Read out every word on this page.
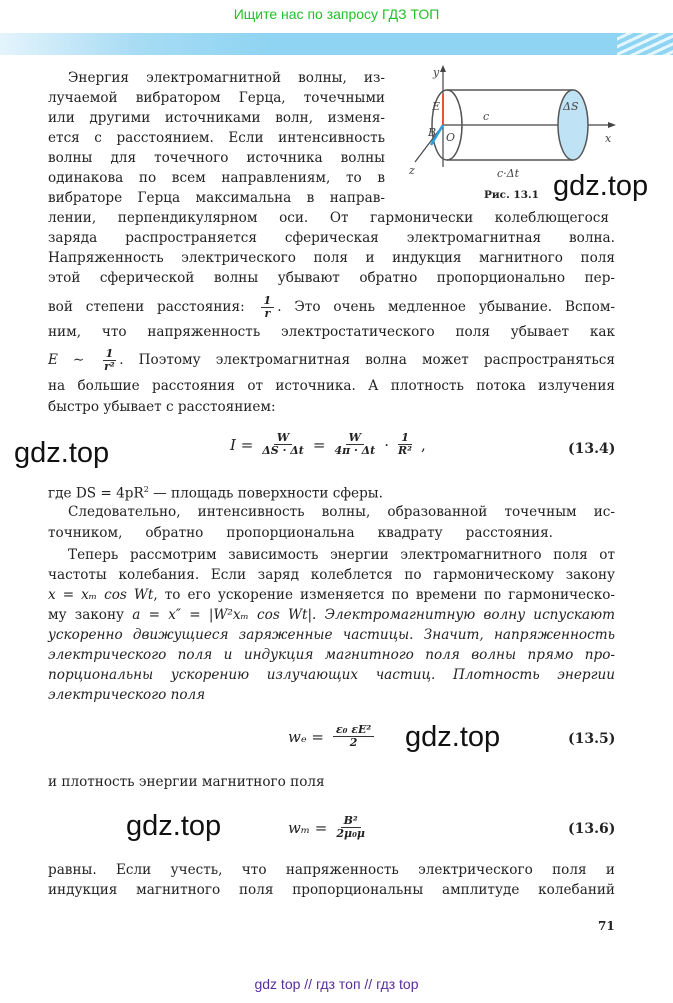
Ищите нас по запросу ГДЗ ТОП
y
x
z
E
B O
c
ΔS
c·Δt
Рис. 13.1 gdz.top
gdz.top
gdz.top
gdz.top
Энергия электромагнитной волны, из-
лучаемой вибратором Герца, точечными
или другими источниками волн, изменя-
ется с расстоянием. Если интенсивность
волны для точечного источника волны
одинакова по всем направлениям, то в
вибраторе Герца максимальна в направ-
лении, перпендикулярном оси. От гармонически колеблющегося
заряда распространяется сферическая электромагнитная волна.
Напряженность электрического поля и индукция магнитного поля
этой сферической волны убывают обратно пропорционально пер-
вой степени расстояния: $\frac{1}{r}$ . Это очень медленное убывание. Вспом-
ним, что напряженность электростатического поля убывает как
E ∼ $\frac{1}{\text{r²}}$ . Поэтому электромагнитная волна может распространяться
на большие расстояния от источника. А плотность потока излучения
быстро убывает с расстоянием:
$I = \frac{W}{\Delta S \cdot \Delta t} = \frac{W}{4\pi \cdot \Delta t} \cdot \frac{1}{\text{R²}}$ ,	(13.4)
где DS = $4pR^2$ — площадь поверхности сферы.
Следовательно, интенсивность волны, образованной точечным ис-
точником, обратно пропорциональна квадрату расстояния.
Теперь рассмотрим зависимость энергии электромагнитного поля от
частоты колебания. Если заряд колеблется по гармоническому закону
x = xₘ cos Wt, то его ускорение изменяется по времени по гармоническо-
му закону a = x″ = |W²xₘ cos Wt|. Электромагнитную волну испускают
ускоренно движущиеся заряженные частицы. Значит, напряженность
электрического поля и индукция магнитного поля волны прямо про-
порциональны ускорению излучающих частиц. Плотность энергии
электрического поля
$w_e = \frac{\text{ε₀ εE²}}{2}$	(13.5)
и плотность энергии магнитного поля
$w_m = \frac{\text{B²}}{\text{2μ₀μ}}$	(13.6)
равны. Если учесть, что напряженность электрического поля и
индукция магнитного поля пропорциональны амплитуде колебаний
71
gdz top // гдз топ // гдз top
